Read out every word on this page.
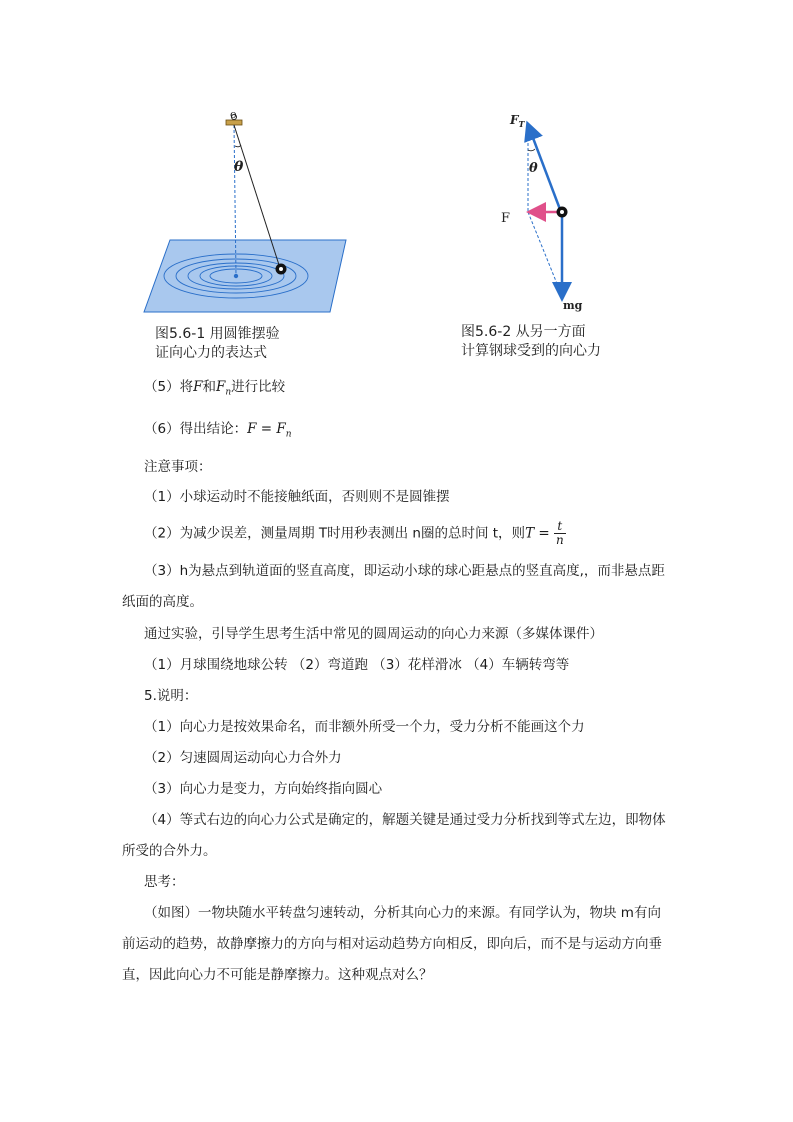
o
θ
图5.6-1 用圆锥摆验
证向心力的表达式
θ
$F_T$
F
mg
图5.6-2 从另一方面
计算钢球受到的向心力
（5）将F和$F_n$进行比较
（6）得出结论：$F = F_n$
注意事项：
（1）小球运动时不能接触纸面，否则则不是圆锥摆
（2）为减少误差，测量周期 T时用秒表测出 n圈的总时间 t，则$T = \frac{t}{n}$
（3）h为悬点到轨道面的竖直高度，即运动小球的球心距悬点的竖直高度,，而非悬点距
纸面的高度。
通过实验，引导学生思考生活中常见的圆周运动的向心力来源（多媒体课件）
（1）月球围绕地球公转 （2）弯道跑 （3）花样滑冰 （4）车辆转弯等
5.说明：
（1）向心力是按效果命名，而非额外所受一个力，受力分析不能画这个力
（2）匀速圆周运动向心力合外力
（3）向心力是变力，方向始终指向圆心
（4）等式右边的向心力公式是确定的，解题关键是通过受力分析找到等式左边，即物体
所受的合外力。
思考：
（如图）一物块随水平转盘匀速转动，分析其向心力的来源。有同学认为，物块 m有向
前运动的趋势，故静摩擦力的方向与相对运动趋势方向相反，即向后，而不是与运动方向垂
直，因此向心力不可能是静摩擦力。这种观点对么？
